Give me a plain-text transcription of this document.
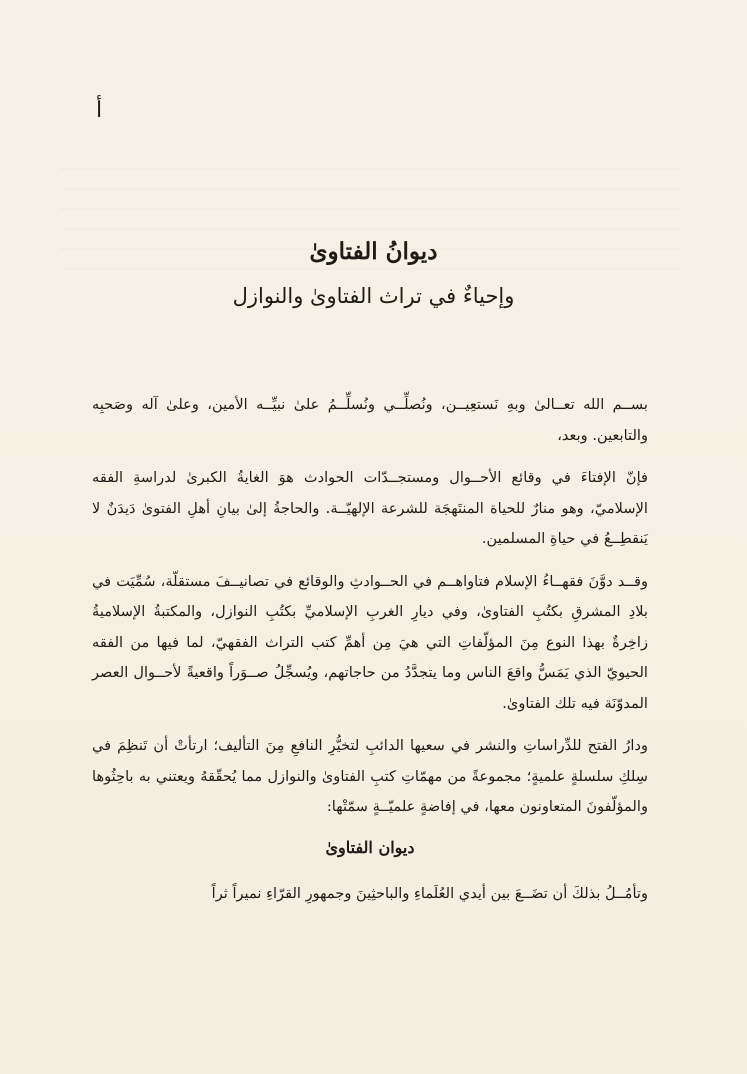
أ
ديوانُ الفتاوىٰ
وإحياءٌ في تراث الفتاوىٰ والنوازل

بســم الله تعــالىٰ وبهِ نَستعِيــن، ونُصلِّــي ونُسلِّــمُ علىٰ نبيِّــه الأمين، وعلىٰ آله وصَحبِه والتابعين. وبعد،

فإنّ الإفتاءَ في وقائع الأحــوال ومستجــدّات الحوادث هوَ الغايةُ الكبرىٰ لدراسةِ الفقه الإسلاميّ، وهو منارٌ للحياة المنتَهجَة للشرعة الإلهيّــة. والحاجةُ إلىٰ بيانِ أهلِ الفتوىٰ دَيدَنٌ لا يَنقطِــعُ في حياةِ المسلمين.

وقــد دوَّنَ فقهــاءُ الإسلام فتاواهــم في الحــوادثِ والوقائع في تصانيــفَ مستقلّة، سُمِّيَت في بلادِ المشرقِ بكتُبِ الفتاوىٰ، وفي ديارِ الغربِ الإسلاميِّ بكتُبِ النوازل، والمكتبةُ الإسلاميةُ زاخِرةٌ بهذا النوع مِنَ المؤلّفاتِ التي هيَ مِن أهمِّ كتب التراث الفقهيّ، لما فيها من الفقه الحيويّ الذي يَمَسُّ واقعَ الناس وما يتجدَّدُ من حاجاتهم، ويُسجِّلُ صــوَراً واقعيةً لأحــوال العصر المدوّنَة فيه تلك الفتاوىٰ.

ودارُ الفتح للدِّراساتِ والنشر في سعيها الدائبِ لتخيُّرِ النافعِ مِنَ التأليف؛ ارتأتْ أن تَنظِمَ في سِلكِ سلسلةٍ علميةٍ؛ مجموعةً من مهمّاتِ كتبِ الفتاوىٰ والنوازل مما يُحقّقهُ ويعتني به باحِثُوها والمؤلّفونَ المتعاونون معها، في إفاضةٍ علميّــةٍ سمّتْها:

ديوان الفتاوىٰ

وتأمُــلُ بذلكَ أن تضَــعَ بين أيدي العُلَماءِ والباحثِينَ وجمهورِ القرّاءِ نميراً ثراً
